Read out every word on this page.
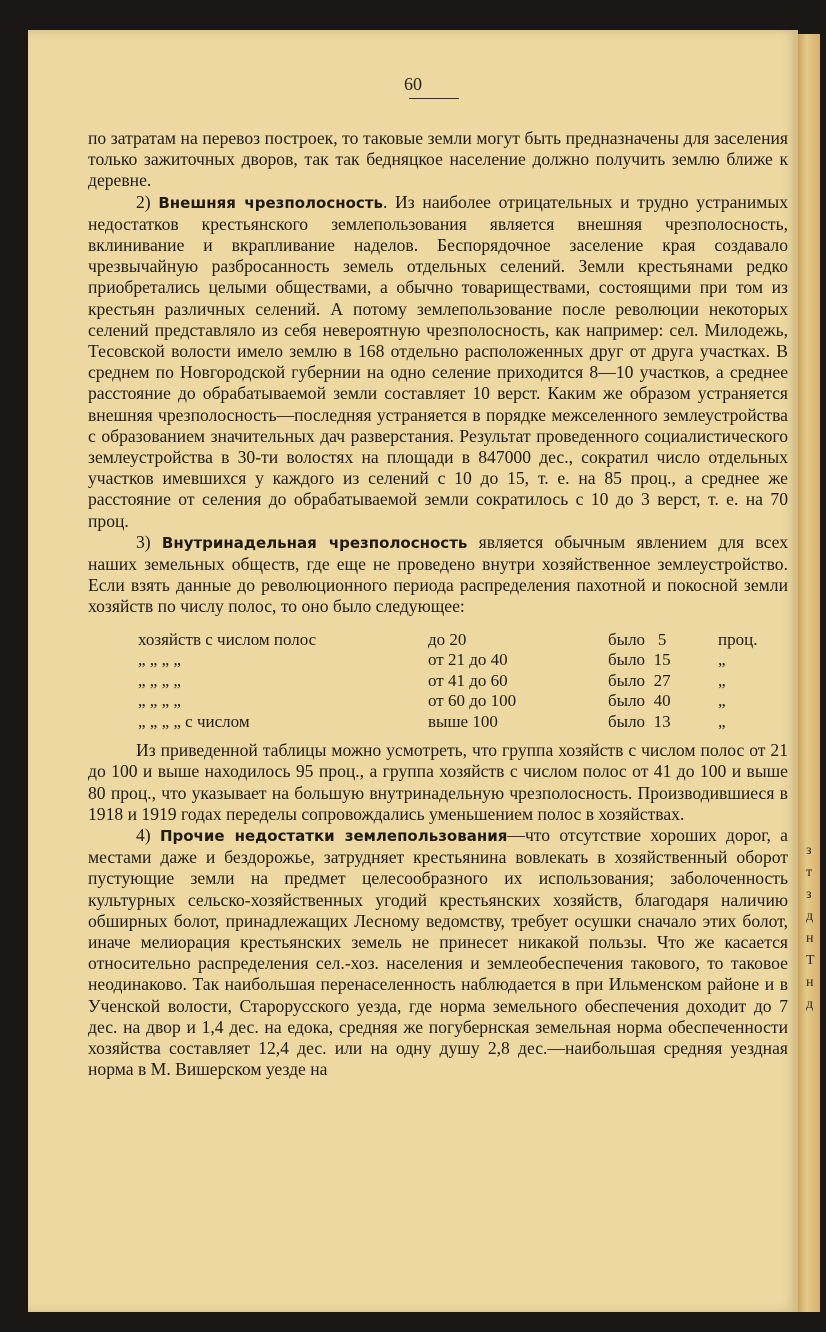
з
т
з
д
н
Т
н
д
60

по затратам на перевоз построек, то таковые земли могут быть предназначены для заселения только зажиточных дворов, так так бедняцкое население должно получить землю ближе к деревне.

2) Внешняя чрезполосность. Из наиболее отрицательных и трудно устранимых недостатков крестьянского землепользования является внешняя чрезполосность, вклинивание и вкрапливание наделов. Беспорядочное заселение края создавало чрезвычайную разбросанность земель отдельных селений. Земли крестьянами редко приобретались целыми обществами, а обычно товариществами, состоящими при том из крестьян различных селений. А потому землепользование после революции некоторых селений представляло из себя невероятную чрезполосность, как например: сел. Милодежь, Тесовской волости имело землю в 168 отдельно расположенных друг от друга участках. В среднем по Новгородской губернии на одно селение приходится 8—10 участков, а среднее расстояние до обрабатываемой земли составляет 10 верст. Каким же образом устраняется внешняя чрезполосность—последняя устраняется в порядке межселенного землеустройства с образованием значительных дач разверстания. Результат проведенного социалистического землеустройства в 30-ти волостях на площади в 847000 дес., сократил число отдельных участков имевшихся у каждого из селений с 10 до 15, т. е. на 85 проц., а среднее же расстояние от селения до обрабатываемой земли сократилось с 10 до 3 верст, т. е. на 70 проц.

3) Внутринадельная чрезполосность является обычным явлением для всех наших земельных обществ, где еще не проведено внутри хозяйственное землеустройство. Если взять данные до революционного периода распределения пахотной и покосной земли хозяйств по числу полос, то оно было следующее:

хозяйств с числом полос	до 20	было 5	проц.
„ „ „ „	от 21 до 40	было 15	„
„ „ „ „	от 41 до 60	было 27	„
„ „ „ „	от 60 до 100	было 40	„
„ „ „ „ с числом	выше 100	было 13	„

Из приведенной таблицы можно усмотреть, что группа хозяйств с числом полос от 21 до 100 и выше находилось 95 проц., а группа хозяйств с числом полос от 41 до 100 и выше 80 проц., что указывает на большую внутринадельную чрезполосность. Производившиеся в 1918 и 1919 годах переделы сопровождались уменьшением полос в хозяйствах.

4) Прочие недостатки землепользования—что отсутствие хороших дорог, а местами даже и бездорожье, затрудняет крестьянина вовлекать в хозяйственный оборот пустующие земли на предмет целесообразного их использования; заболоченность культурных сельско-хозяйственных угодий крестьянских хозяйств, благодаря наличию обширных болот, принадлежащих Лесному ведомству, требует осушки сначало этих болот, иначе мелиорация крестьянских земель не принесет никакой пользы. Что же касается относительно распределения сел.-хоз. населения и землеобеспечения такового, то таковое неодинаково. Так наибольшая перенаселенность наблюдается в при Ильменском районе и в Ученской волости, Старорусского уезда, где норма земельного обеспечения доходит до 7 дес. на двор и 1,4 дес. на едока, средняя же погубернская земельная норма обеспеченности хозяйства составляет 12,4 дес. или на одну душу 2,8 дес.—наибольшая средняя уездная норма в М. Вишерском уезде на
